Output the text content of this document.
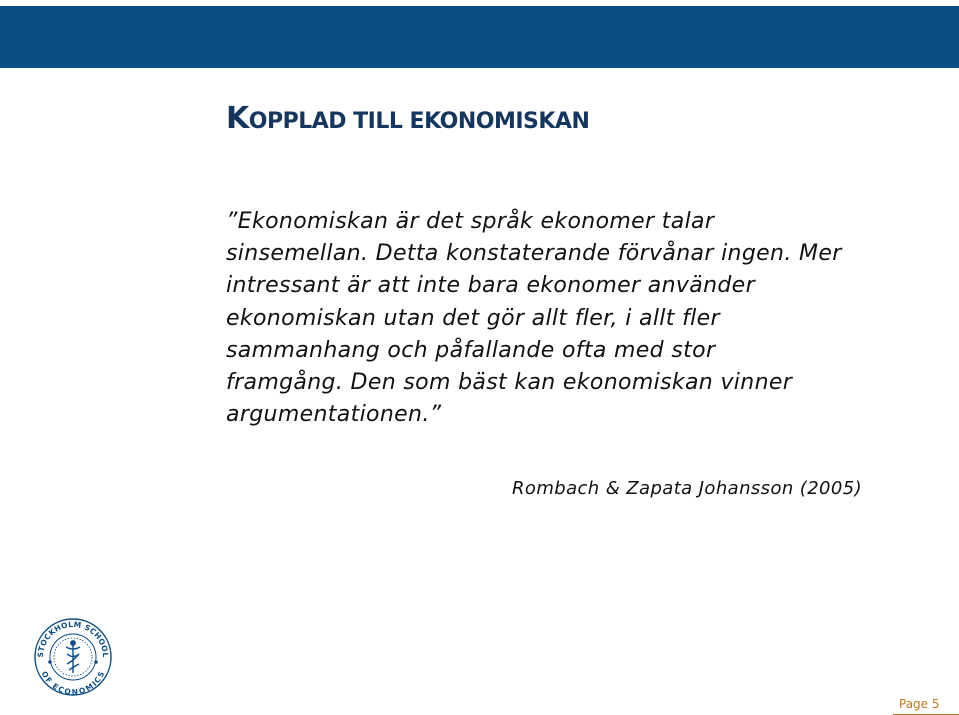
KOPPLAD TILL EKONOMISKAN
”Ekonomiskan är det språk ekonomer talar
sinsemellan. Detta konstaterande förvånar ingen. Mer
intressant är att inte bara ekonomer använder
ekonomiskan utan det gör allt fler, i allt fler
sammanhang och påfallande ofta med stor
framgång. Den som bäst kan ekonomiskan vinner
argumentationen.”

Rombach & Zapata Johansson (2005)

STOCKHOLM SCHOOL
OF ECONOMICS

Page 5
